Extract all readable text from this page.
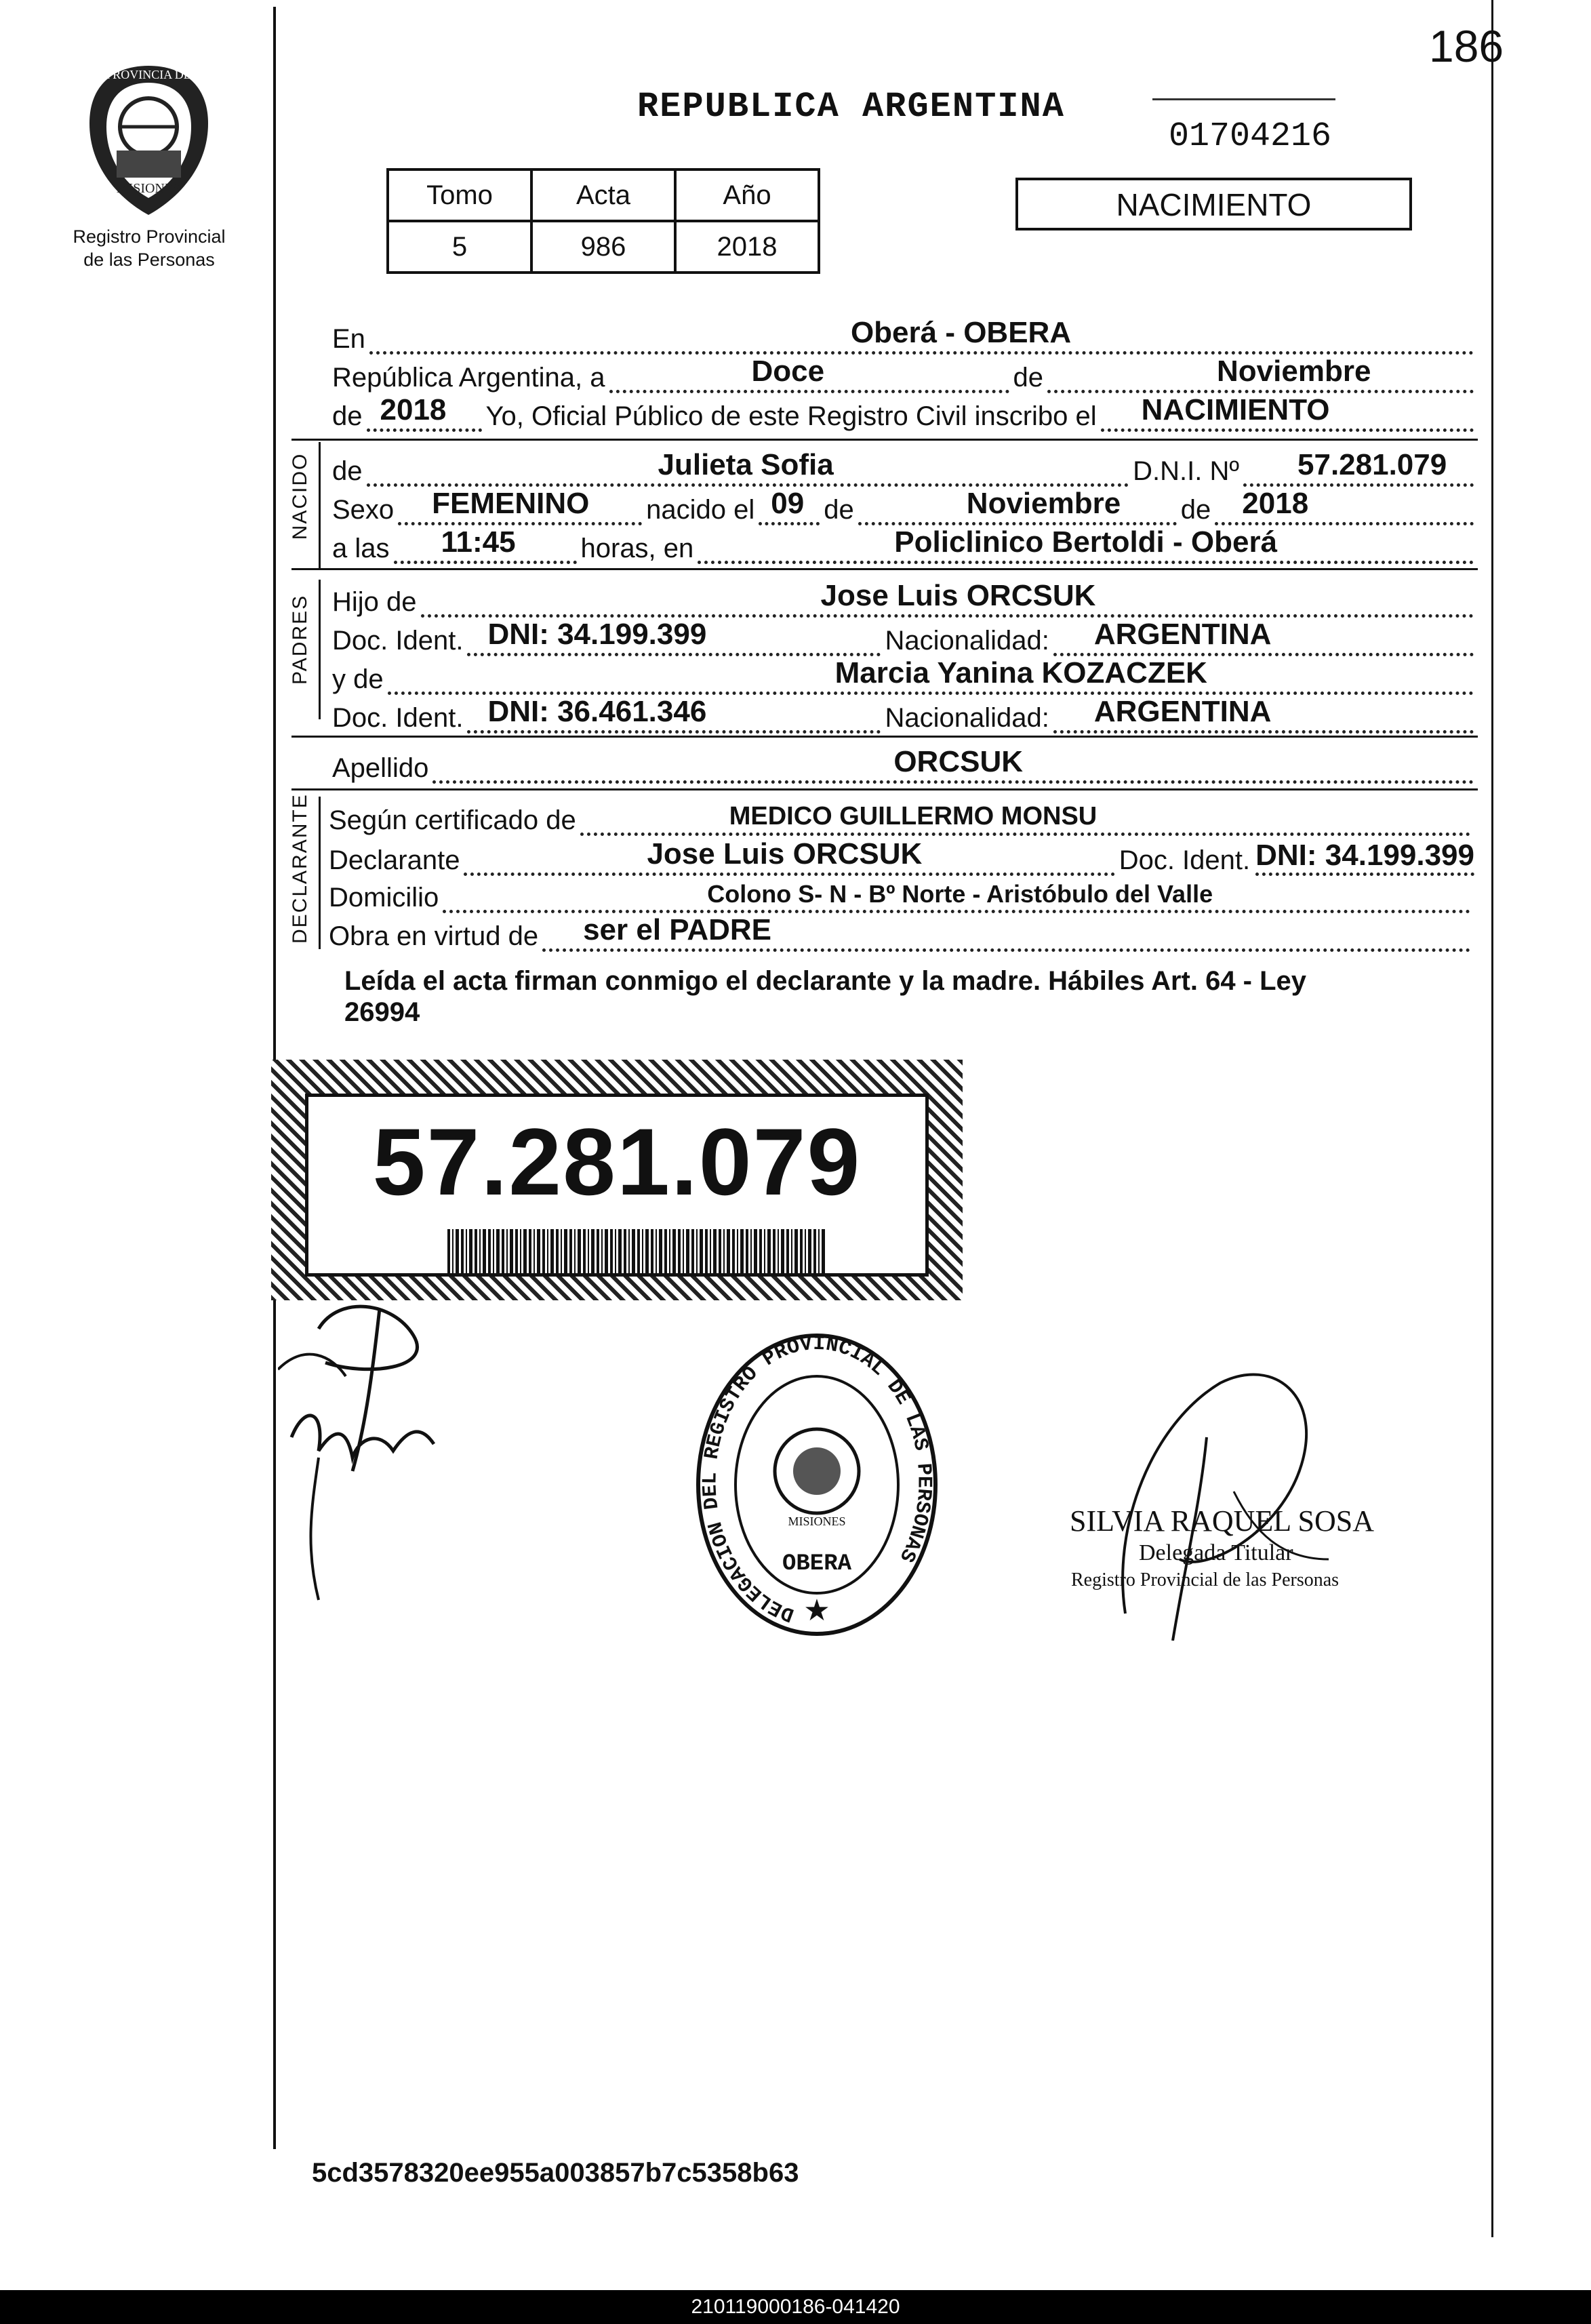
186
PROVINCIA DE
MISIONES
Registro Provincial
de las Personas
REPUBLICA ARGENTINA
01704216
NACIMIENTO
Tomo	Acta	Año
5	986	2018
En	Oberá - OBERA
República Argentina, a	Doce	de	Noviembre
de 2018 Yo, Oficial Público de este Registro Civil inscribo el NACIMIENTO
NACIDO de	Julieta Sofia	D.N.I. Nº 57.281.079
Sexo FEMENINO nacido el 09 de	Noviembre de 2018
a las 11:45 horas, en	Policlinico Bertoldi - Oberá
PADRES Hijo de	Jose Luis ORCSUK
Doc. Ident. DNI: 34.199.399	Nacionalidad: ARGENTINA
y de	Marcia Yanina KOZACZEK
Doc. Ident. DNI: 36.461.346	Nacionalidad: ARGENTINA
Apellido	ORCSUK
DECLARANTE Según certificado de	MEDICO GUILLERMO MONSU
Declarante	Jose Luis ORCSUK	Doc. Ident. DNI: 34.199.399
Domicilio	Colono S- N - Bº Norte - Aristóbulo del Valle
Obra en virtud de ser el PADRE
Leída el acta firman conmigo el declarante y la madre. Hábiles Art. 64 - Ley
26994
57.281.079
DELEGACION DEL REGISTRO PROVINCIAL DE LAS PERSONAS
MISIONES
OBERA
★
SILVIA RAQUEL SOSA
Delegada Titular
Registro Provincial de las Personas
5cd3578320ee955a003857b7c5358b63
210119000186-041420
